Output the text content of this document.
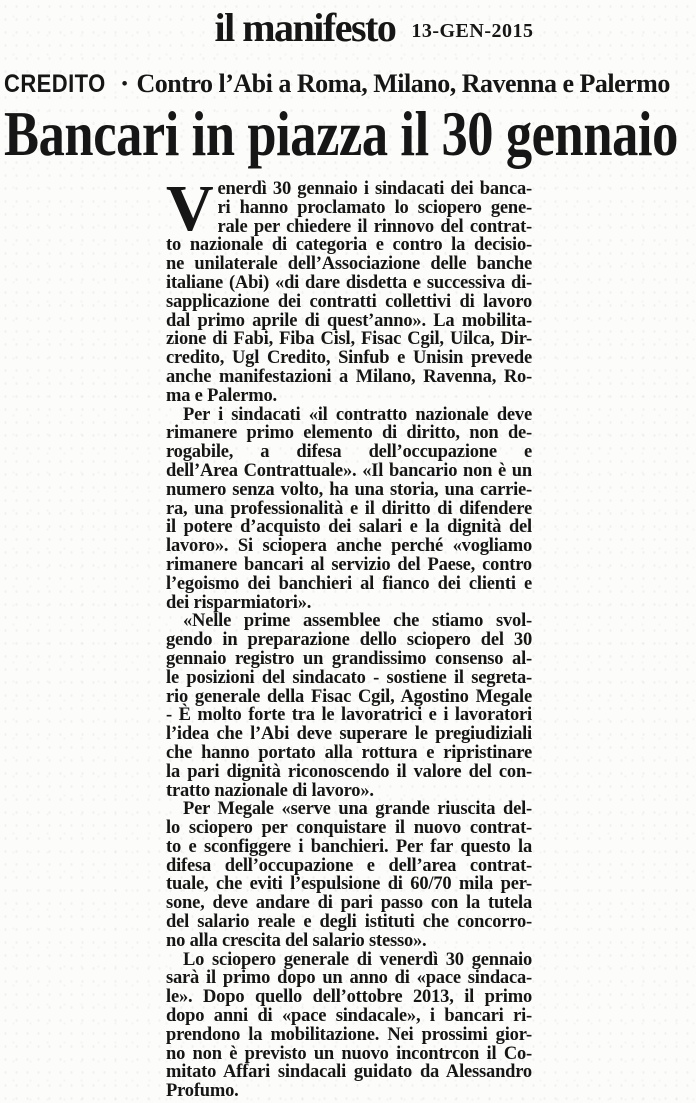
il manifesto 13-GEN-2015
CREDITO • Contro l’Abi a Roma, Milano, Ravenna e Palermo
Bancari in piazza il 30 gennaio
V enerdì 30 gennaio i sindacati dei banca-
ri hanno proclamato lo sciopero gene-
rale per chiedere il rinnovo del contrat-
to nazionale di categoria e contro la decisio-
ne unilaterale dell’Associazione delle banche
italiane (Abi) «di dare disdetta e successiva di-
sapplicazione dei contratti collettivi di lavoro
dal primo aprile di quest’anno». La mobilita-
zione di Fabi, Fiba Cisl, Fisac Cgil, Uilca, Dir-
credito, Ugl Credito, Sinfub e Unisin prevede
anche manifestazioni a Milano, Ravenna, Ro-
ma e Palermo.
Per i sindacati «il contratto nazionale deve
rimanere primo elemento di diritto, non de-
rogabile, a difesa dell’occupazione e
dell’Area Contrattuale». «Il bancario non è un
numero senza volto, ha una storia, una carrie-
ra, una professionalità e il diritto di difendere
il potere d’acquisto dei salari e la dignità del
lavoro». Si sciopera anche perché «vogliamo
rimanere bancari al servizio del Paese, contro
l’egoismo dei banchieri al fianco dei clienti e
dei risparmiatori».
«Nelle prime assemblee che stiamo svol-
gendo in preparazione dello sciopero del 30
gennaio registro un grandissimo consenso al-
le posizioni del sindacato - sostiene il segreta-
rio generale della Fisac Cgil, Agostino Megale
- È molto forte tra le lavoratrici e i lavoratori
l’idea che l’Abi deve superare le pregiudiziali
che hanno portato alla rottura e ripristinare
la pari dignità riconoscendo il valore del con-
tratto nazionale di lavoro».
Per Megale «serve una grande riuscita del-
lo sciopero per conquistare il nuovo contrat-
to e sconfiggere i banchieri. Per far questo la
difesa dell’occupazione e dell’area contrat-
tuale, che eviti l’espulsione di 60/70 mila per-
sone, deve andare di pari passo con la tutela
del salario reale e degli istituti che concorro-
no alla crescita del salario stesso».
Lo sciopero generale di venerdì 30 gennaio
sarà il primo dopo un anno di «pace sindaca-
le». Dopo quello dell’ottobre 2013, il primo
dopo anni di «pace sindacale», i bancari ri-
prendono la mobilitazione. Nei prossimi gior-
no non è previsto un nuovo incontrcon il Co-
mitato Affari sindacali guidato da Alessandro
Profumo.
